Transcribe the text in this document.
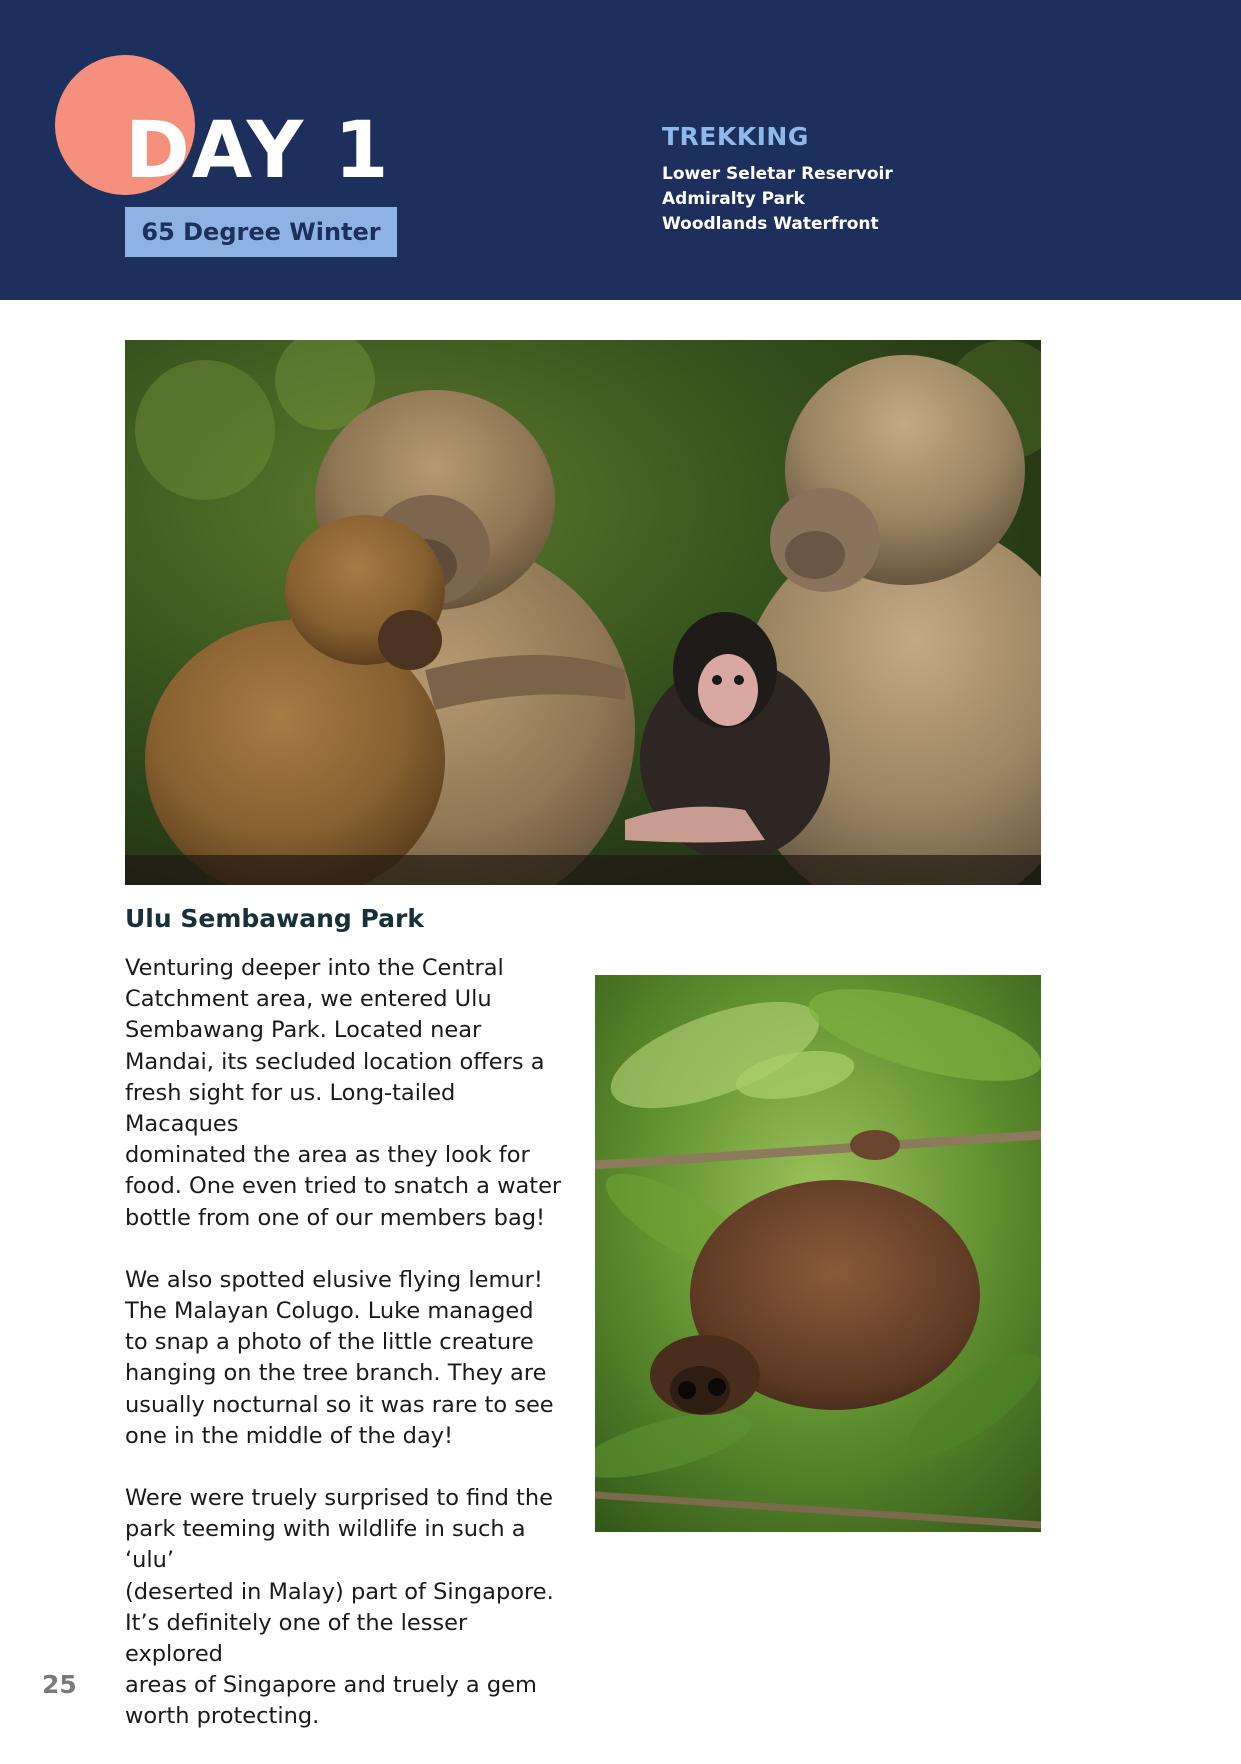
DAY 1
65 Degree Winter
TREKKING
Lower Seletar Reservoir
Admiralty Park
Woodlands Waterfront
Ulu Sembawang Park

Venturing deeper into the Central
Catchment area, we entered Ulu
Sembawang Park. Located near
Mandai, its secluded location offers a
fresh sight for us. Long-tailed Macaques
dominated the area as they look for
food. One even tried to snatch a water
bottle from one of our members bag!

We also spotted elusive flying lemur!
The Malayan Colugo. Luke managed
to snap a photo of the little creature
hanging on the tree branch. They are
usually nocturnal so it was rare to see
one in the middle of the day!

Were were truely surprised to find the
park teeming with wildlife in such a ‘ulu’
(deserted in Malay) part of Singapore.
It’s definitely one of the lesser explored
areas of Singapore and truely a gem
worth protecting.

25
